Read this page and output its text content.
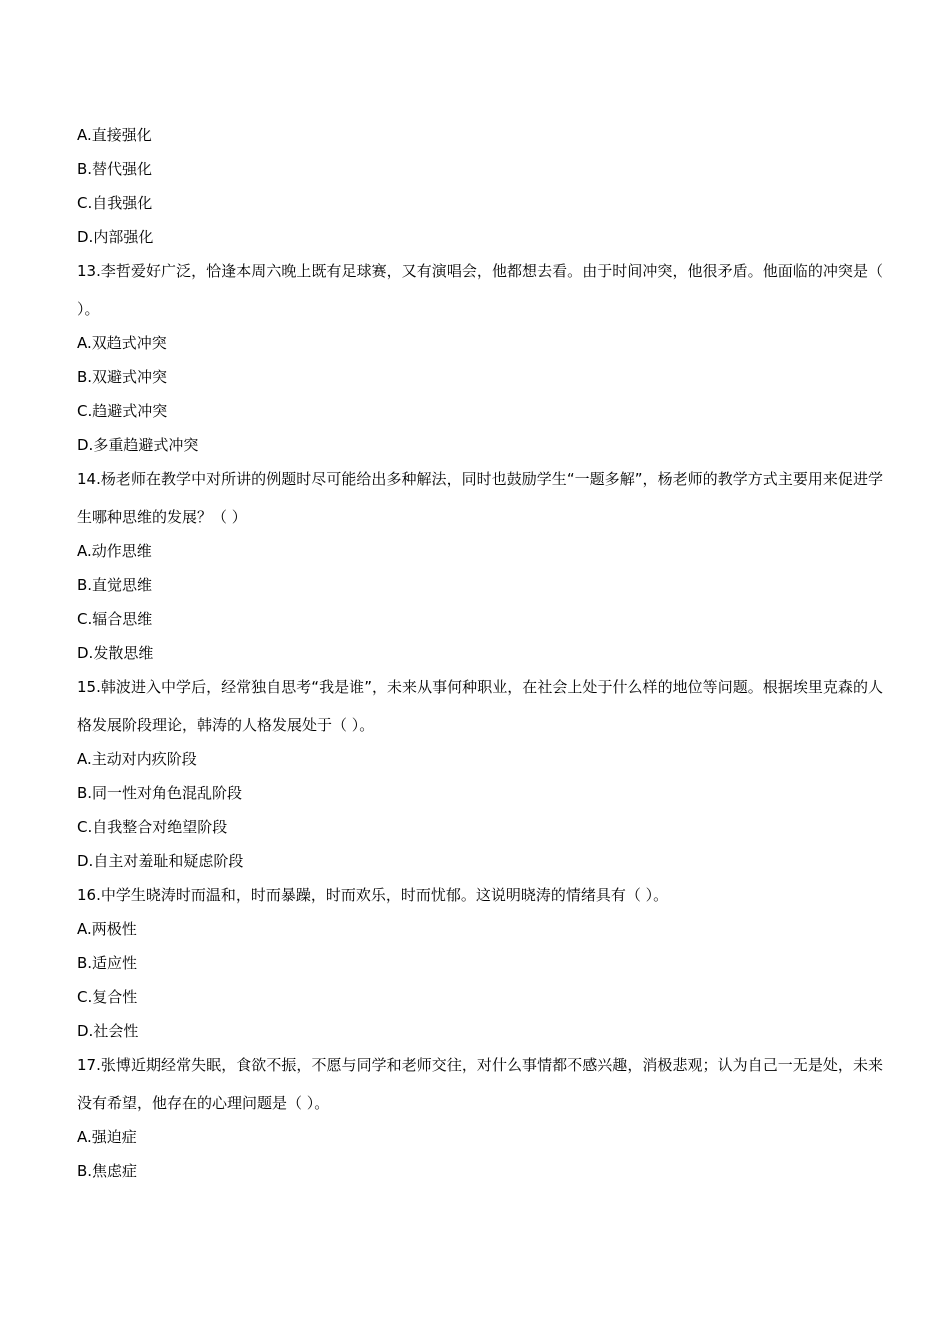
A.直接强化
B.替代强化
C.自我强化
D.内部强化
13.李哲爱好广泛，恰逢本周六晚上既有足球赛，又有演唱会，他都想去看。由于时间冲突，他很矛盾。他面临的冲突是（ ）。
A.双趋式冲突
B.双避式冲突
C.趋避式冲突
D.多重趋避式冲突
14.杨老师在教学中对所讲的例题时尽可能给出多种解法，同时也鼓励学生“一题多解”，杨老师的教学方式主要用来促进学生哪种思维的发展？（ ）
A.动作思维
B.直觉思维
C.辐合思维
D.发散思维
15.韩波进入中学后，经常独自思考“我是谁”，未来从事何种职业，在社会上处于什么样的地位等问题。根据埃里克森的人格发展阶段理论，韩涛的人格发展处于（ ）。
A.主动对内疚阶段
B.同一性对角色混乱阶段
C.自我整合对绝望阶段
D.自主对羞耻和疑虑阶段
16.中学生晓涛时而温和，时而暴躁，时而欢乐，时而忧郁。这说明晓涛的情绪具有（ ）。
A.两极性
B.适应性
C.复合性
D.社会性
17.张博近期经常失眠，食欲不振，不愿与同学和老师交往，对什么事情都不感兴趣，消极悲观；认为自己一无是处，未来没有希望，他存在的心理问题是（ ）。
A.强迫症
B.焦虑症
